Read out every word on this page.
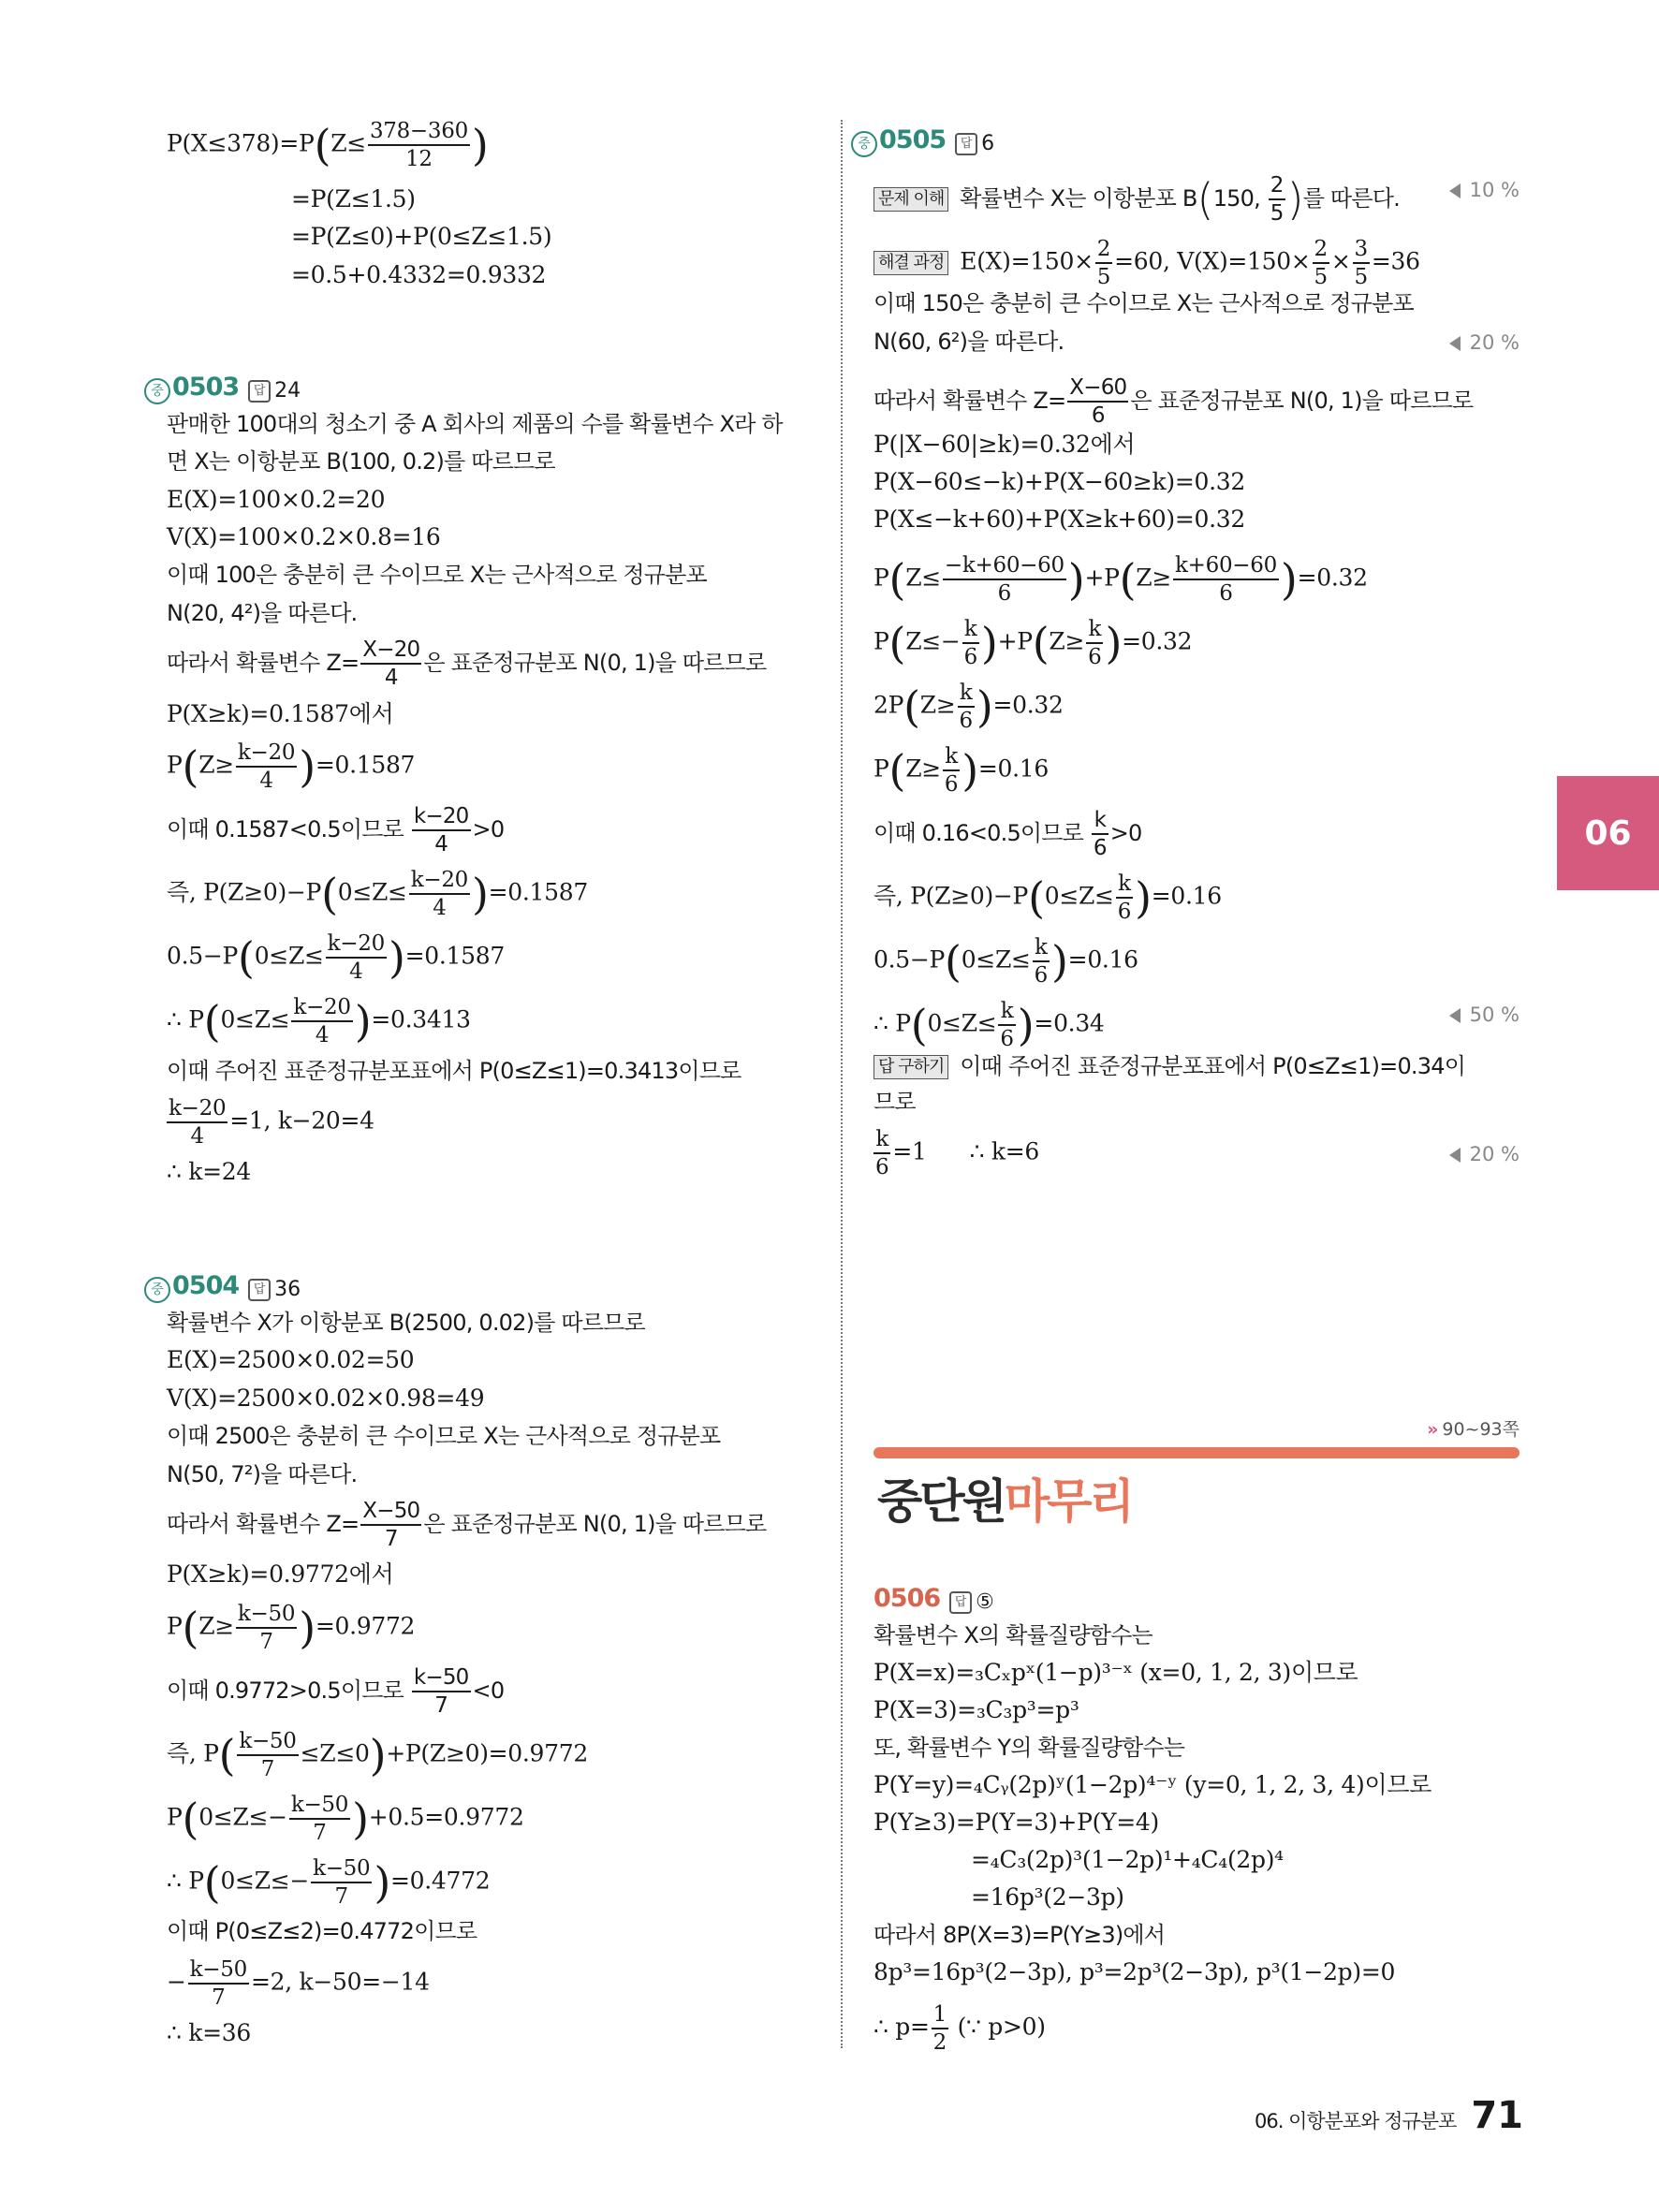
$P(X\le 378)=P(Z\le \frac{378-360}{12}$ )
=P(Z≤1.5)
=P(Z≤0)+P(0≤Z≤1.5)
=0.5+0.4332=0.9332
중 0503 답 24
판매한 100대의 청소기 중 A 회사의 제품의 수를 확률변수 X라 하
면 X는 이항분포 B(100, 0.2)를 따르므로
E(X)=100×0.2=20
V(X)=100×0.2×0.8=16
이때 100은 충분히 큰 수이므로 X는 근사적으로 정규분포
N(20, 4²)을 따른다.
따라서 확률변수 $Z= \frac{X-20}{4}$ 은 표준정규분포 N(0, 1)을 따르므로
P(X≥k)=0.1587에서
$P(Z\ge \frac{k-20}{4} )=0.1587$
이때 0.1587<0.5이므로 $\frac{k-20}{4} >0$
즉, $P(Z\ge 0)-P(0\le Z\le \frac{k-20}{4} )=0.1587$
$0.5-P(0\le Z\le \frac{k-20}{4} )=0.1587$
∴ $P(0\le Z\le \frac{k-20}{4} )=0.3413$
이때 주어진 표준정규분포표에서 P(0≤Z≤1)=0.3413이므로
$\frac{k-20}{4} =1$, k−20=4
∴ k=24
중 0504 답 36
확률변수 X가 이항분포 B(2500, 0.02)를 따르므로
E(X)=2500×0.02=50
V(X)=2500×0.02×0.98=49
이때 2500은 충분히 큰 수이므로 X는 근사적으로 정규분포
N(50, 7²)을 따른다.
따라서 확률변수 $Z= \frac{X-50}{7}$ 은 표준정규분포 N(0, 1)을 따르므로
P(X≥k)=0.9772에서
$P(Z\ge \frac{k-50}{7} )=0.9772$
이때 0.9772>0.5이므로 $\frac{k-50}{7} <0$
즉, $P( \frac{k-50}{7} \le Z\le 0)+P(Z\ge 0)=0.9772$
$P(0\le Z\le- \frac{k-50}{7} )+0.5=0.9772$
∴ $P(0\le Z\le- \frac{k-50}{7} )=0.4772$
이때 P(0≤Z≤2)=0.4772이므로
− $\frac{k-50}{7} =2$, k−50=−14
∴ k=36
중 0505 답 6
문제 이해 확률변수 X는 이항분포 B(150, $\frac{2}{5}$ )를 따른다.	10 %
해결 과정 $E(X)=150\times \frac{2}{5} =60$, $V(X)=150\times \frac{2}{5} \times \frac{3}{5} =36$
이때 150은 충분히 큰 수이므로 X는 근사적으로 정규분포
N(60, 6²)을 따른다.	20 %
따라서 확률변수 $Z= \frac{X-60}{6}$ 은 표준정규분포 N(0, 1)을 따르므로
P(|X−60|≥k)=0.32에서
P(X−60≤−k)+P(X−60≥k)=0.32
P(X≤−k+60)+P(X≥k+60)=0.32
$P(Z\le \frac{-k+60-60}{6} )+P(Z\ge \frac{k+60-60}{6} )=0.32$
$P(Z\le- \frac{k}{6} )+P(Z\ge \frac{k}{6} )=0.32$
$2P(Z\ge \frac{k}{6} )=0.32$
$P(Z\ge \frac{k}{6} )=0.16$
이때 0.16<0.5이므로 $\frac{k}{6} >0$
즉, $P(Z\ge 0)-P(0\le Z\le \frac{k}{6} )=0.16$
$0.5-P(0\le Z\le \frac{k}{6} )=0.16$
∴ $P(0\le Z\le \frac{k}{6} )=0.34$	50 %
답 구하기 이때 주어진 표준정규분포표에서 P(0≤Z≤1)=0.34이
므로
$\frac{k}{6} =1$ ∴ k=6	20 %
06
» 90~93쪽
중단원마무리
0506 답 ⑤
확률변수 X의 확률질량함수는
P(X=x)=₃Cₓpˣ(1−p)³⁻ˣ (x=0, 1, 2, 3)이므로
P(X=3)=₃C₃p³=p³
또, 확률변수 Y의 확률질량함수는
P(Y=y)=₄Cᵧ(2p)ʸ(1−2p)⁴⁻ʸ (y=0, 1, 2, 3, 4)이므로
P(Y≥3)=P(Y=3)+P(Y=4)
=₄C₃(2p)³(1−2p)¹+₄C₄(2p)⁴
=16p³(2−3p)
따라서 8P(X=3)=P(Y≥3)에서
8p³=16p³(2−3p), p³=2p³(2−3p), p³(1−2p)=0
∴ $p= \frac{1}{2}$ (∵ p>0)
06. 이항분포와 정규분포 71
